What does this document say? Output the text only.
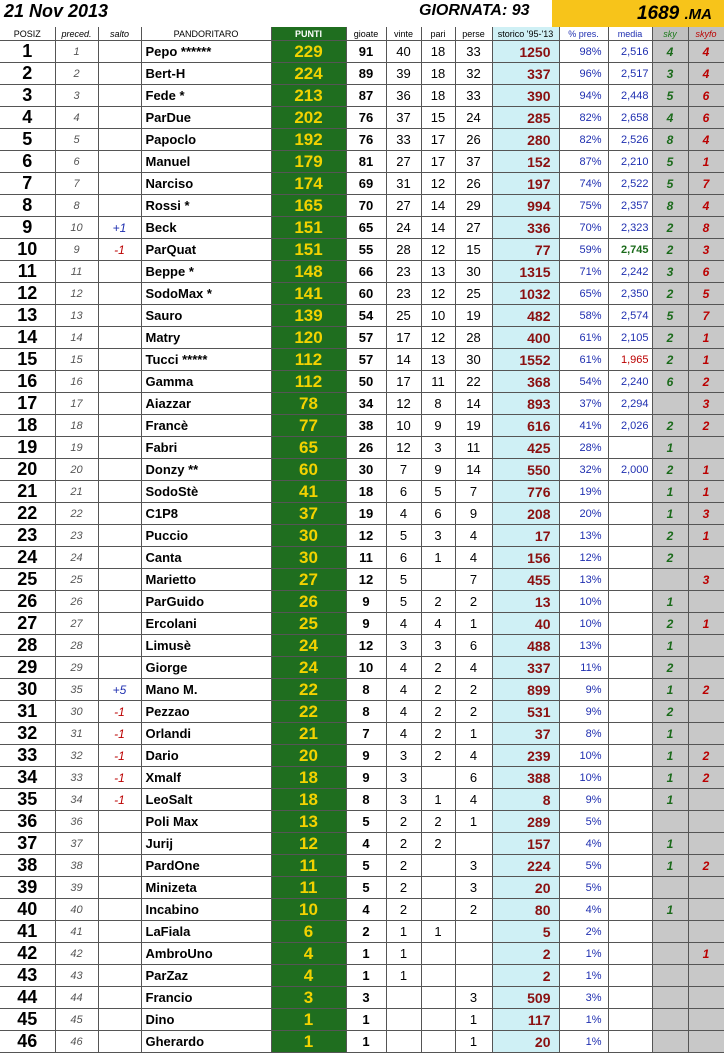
21 Nov 2013	GIORNATA: 93	1689 .MA
POSIZ	preced.	salto	PANDORITARO	PUNTI	gioate	vinte	pari	perse	storico '95-'13	% pres.	media	sky	skyfo
1	1		Pepo ******	229	91	40	18	33	1250	98%	2,516	4	4
2	2		Bert-H	224	89	39	18	32	337	96%	2,517	3	4
3	3		Fede *	213	87	36	18	33	390	94%	2,448	5	6
4	4		ParDue	202	76	37	15	24	285	82%	2,658	4	6
5	5		Papoclo	192	76	33	17	26	280	82%	2,526	8	4
6	6		Manuel	179	81	27	17	37	152	87%	2,210	5	1
7	7		Narciso	174	69	31	12	26	197	74%	2,522	5	7
8	8		Rossi *	165	70	27	14	29	994	75%	2,357	8	4
9	10	+1	Beck	151	65	24	14	27	336	70%	2,323	2	8
10	9	-1	ParQuat	151	55	28	12	15	77	59%	2,745	2	3
11	11		Beppe *	148	66	23	13	30	1315	71%	2,242	3	6
12	12		SodoMax *	141	60	23	12	25	1032	65%	2,350	2	5
13	13		Sauro	139	54	25	10	19	482	58%	2,574	5	7
14	14		Matry	120	57	17	12	28	400	61%	2,105	2	1
15	15		Tucci *****	112	57	14	13	30	1552	61%	1,965	2	1
16	16		Gamma	112	50	17	11	22	368	54%	2,240	6	2
17	17		Aiazzar	78	34	12	8	14	893	37%	2,294		3
18	18		Francè	77	38	10	9	19	616	41%	2,026	2	2
19	19		Fabri	65	26	12	3	11	425	28%		1	
20	20		Donzy **	60	30	7	9	14	550	32%	2,000	2	1
21	21		SodoStè	41	18	6	5	7	776	19%		1	1
22	22		C1P8	37	19	4	6	9	208	20%		1	3
23	23		Puccio	30	12	5	3	4	17	13%		2	1
24	24		Canta	30	11	6	1	4	156	12%		2	
25	25		Marietto	27	12	5		7	455	13%			3
26	26		ParGuido	26	9	5	2	2	13	10%		1	
27	27		Ercolani	25	9	4	4	1	40	10%		2	1
28	28		Limusè	24	12	3	3	6	488	13%		1	
29	29		Giorge	24	10	4	2	4	337	11%		2	
30	35	+5	Mano M.	22	8	4	2	2	899	9%		1	2
31	30	-1	Pezzao	22	8	4	2	2	531	9%		2	
32	31	-1	Orlandi	21	7	4	2	1	37	8%		1	
33	32	-1	Dario	20	9	3	2	4	239	10%		1	2
34	33	-1	Xmalf	18	9	3		6	388	10%		1	2
35	34	-1	LeoSalt	18	8	3	1	4	8	9%		1	
36	36		Poli Max	13	5	2	2	1	289	5%			
37	37		Jurij	12	4	2	2		157	4%		1	
38	38		PardOne	11	5	2		3	224	5%		1	2
39	39		Minizeta	11	5	2		3	20	5%			
40	40		Incabino	10	4	2		2	80	4%		1	
41	41		LaFiala	6	2	1	1		5	2%			
42	42		AmbroUno	4	1	1			2	1%			1
43	43		ParZaz	4	1	1			2	1%			
44	44		Francio	3	3			3	509	3%			
45	45		Dino	1	1			1	117	1%			
46	46		Gherardo	1	1			1	20	1%			
